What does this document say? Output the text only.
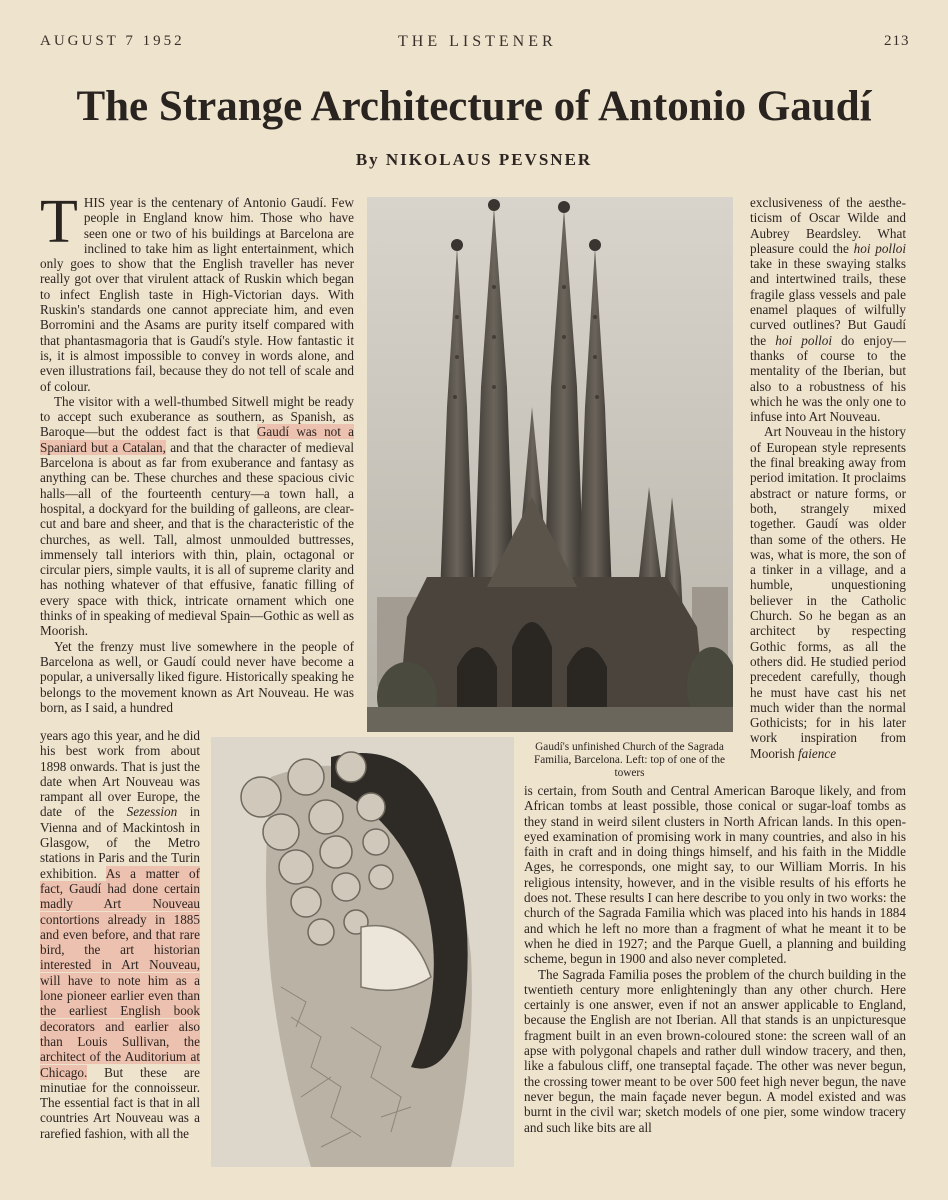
AUGUST 7 1952	THE LISTENER	213
The Strange Architecture of Antonio Gaudí
By NIKOLAUS PEVSNER

THIS year is the centenary of Antonio Gaudí. Few people in England know him. Those who have seen one or two of his buildings at Barcelona are inclined to take him as light entertainment, which only goes to show that the English traveller has never really got over that virulent attack of Ruskin which began to infect English taste in High-Victorian days. With Ruskin's standards one cannot appreciate him, and even Borromini and the Asams are purity itself compared with that phantasmagoria that is Gaudí's style. How fantastic it is, it is almost impossible to convey in words alone, and even illustrations fail, because they do not tell of scale and of colour.

The visitor with a well-thumbed Sitwell might be ready to accept such exuberance as southern, as Spanish, as Baroque—but the oddest fact is that Gaudí was not a Spaniard but a Catalan, and that the character of medieval Barcelona is about as far from exuberance and fantasy as anything can be. These churches and these spacious civic halls—all of the fourteenth century—a town hall, a hospital, a dockyard for the building of galleons, are clear-cut and bare and sheer, and that is the characteristic of the churches, as well. Tall, almost unmoulded buttresses, immensely tall interiors with thin, plain, octagonal or circular piers, simple vaults, it is all of supreme clarity and has nothing whatever of that effusive, fanatic filling of every space with thick, intricate ornament which one thinks of in speaking of medieval Spain—Gothic as well as Moorish.

Yet the frenzy must live somewhere in the people of Barcelona as well, or Gaudí could never have become a popular, a universally liked figure. Historically speaking he belongs to the movement known as Art Nouveau. He was born, as I said, a hundred

years ago this year, and he did his best work from about 1898 onwards. That is just the date when Art Nouveau was rampant all over Europe, the date of the Sezession in Vienna and of Mackintosh in Glasgow, of the Metro stations in Paris and the Turin exhibition. As a matter of fact, Gaudí had done certain madly Art Nouveau contortions already in 1885 and even before, and that rare bird, the art historian interested in Art Nouveau, will have to note him as a lone pioneer earlier even than the earliest English book decorators and earlier also than Louis Sullivan, the architect of the Auditorium at Chicago. But these are minutiae for the connoisseur. The essential fact is that in all countries Art Nouveau was a rarefied fashion, with all the

Gaudí's unfinished Church of the Sagrada Familia, Barcelona. Left: top of one of the towers

exclusiveness of the aesthe- ticism of Oscar Wilde and Aubrey Beardsley. What pleasure could the hoi polloi take in these swaying stalks and intertwined trails, these fragile glass vessels and pale enamel plaques of wilfully curved outlines? But Gaudí the hoi polloi do enjoy—thanks of course to the mentality of the Iberian, but also to a robustness of his which he was the only one to infuse into Art Nouveau.

Art Nouveau in the history of European style represents the final breaking away from period imitation. It proclaims abstract or nature forms, or both, strangely mixed together. Gaudí was older than some of the others. He was, what is more, the son of a tinker in a village, and a humble, unquestioning believer in the Catholic Church. So he began as an architect by respecting Gothic forms, as all the others did. He studied period precedent carefully, though he must have cast his net much wider than the normal Gothicists; for in his later work inspiration from Moorish faience

is certain, from South and Central American Baroque likely, and from African tombs at least possible, those conical or sugar-loaf tombs as they stand in weird silent clusters in North African lands. In this open-eyed examination of promising work in many countries, and also in his faith in craft and in doing things himself, and his faith in the Middle Ages, he corresponds, one might say, to our William Morris. In his religious intensity, however, and in the visible results of his efforts he does not. These results I can here describe to you only in two works: the church of the Sagrada Familia which was placed into his hands in 1884 and which he left no more than a fragment of what he meant it to be when he died in 1927; and the Parque Guell, a planning and building scheme, begun in 1900 and also never completed.

The Sagrada Familia poses the problem of the church building in the twentieth century more enlighteningly than any other church. Here certainly is one answer, even if not an answer applicable to England, because the English are not Iberian. All that stands is an unpicturesque fragment built in an even brown-coloured stone: the screen wall of an apse with polygonal chapels and rather dull window tracery, and then, like a fabulous cliff, one transeptal façade. The other was never begun, the crossing tower meant to be over 500 feet high never begun, the nave never begun, the main façade never begun. A model existed and was burnt in the civil war; sketch models of one pier, some window tracery and such like bits are all
